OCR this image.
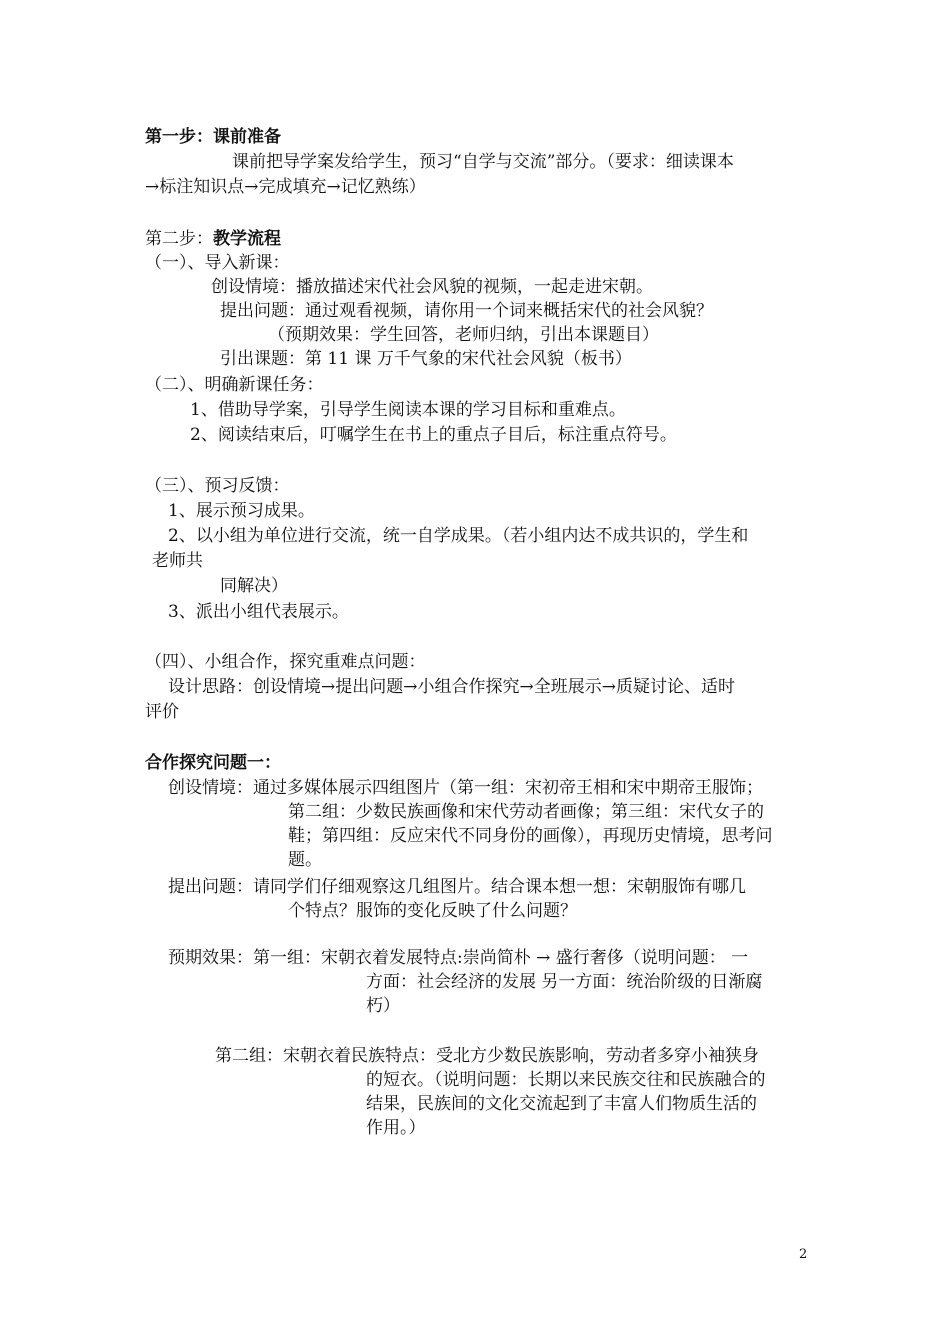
第一步：课前准备
课前把导学案发给学生，预习“自学与交流”部分。（要求：细读课本
→标注知识点→完成填充→记忆熟练）
第二步：教学流程
（一）、导入新课：
创设情境：播放描述宋代社会风貌的视频，一起走进宋朝。
提出问题：通过观看视频，请你用一个词来概括宋代的社会风貌？
（预期效果：学生回答，老师归纳，引出本课题目）
引出课题：第 11 课 万千气象的宋代社会风貌（板书）
（二）、明确新课任务：
1、借助导学案，引导学生阅读本课的学习目标和重难点。
2、阅读结束后，叮嘱学生在书上的重点子目后，标注重点符号。
（三）、预习反馈：
1、展示预习成果。
2、以小组为单位进行交流，统一自学成果。（若小组内达不成共识的，学生和
老师共
同解决）
3、派出小组代表展示。
（四）、小组合作，探究重难点问题：
设计思路：创设情境→提出问题→小组合作探究→全班展示→质疑讨论、适时
评价
合作探究问题一：
创设情境：通过多媒体展示四组图片（第一组：宋初帝王相和宋中期帝王服饰；
第二组：少数民族画像和宋代劳动者画像；第三组：宋代女子的
鞋；第四组：反应宋代不同身份的画像），再现历史情境，思考问
题。
提出问题：请同学们仔细观察这几组图片。结合课本想一想：宋朝服饰有哪几
个特点？服饰的变化反映了什么问题？
预期效果：第一组：宋朝衣着发展特点:崇尚简朴 → 盛行奢侈（说明问题： 一
方面：社会经济的发展 另一方面：统治阶级的日渐腐
朽）
第二组：宋朝衣着民族特点：受北方少数民族影响，劳动者多穿小袖狭身
的短衣。（说明问题：长期以来民族交往和民族融合的
结果，民族间的文化交流起到了丰富人们物质生活的
作用。）
2
